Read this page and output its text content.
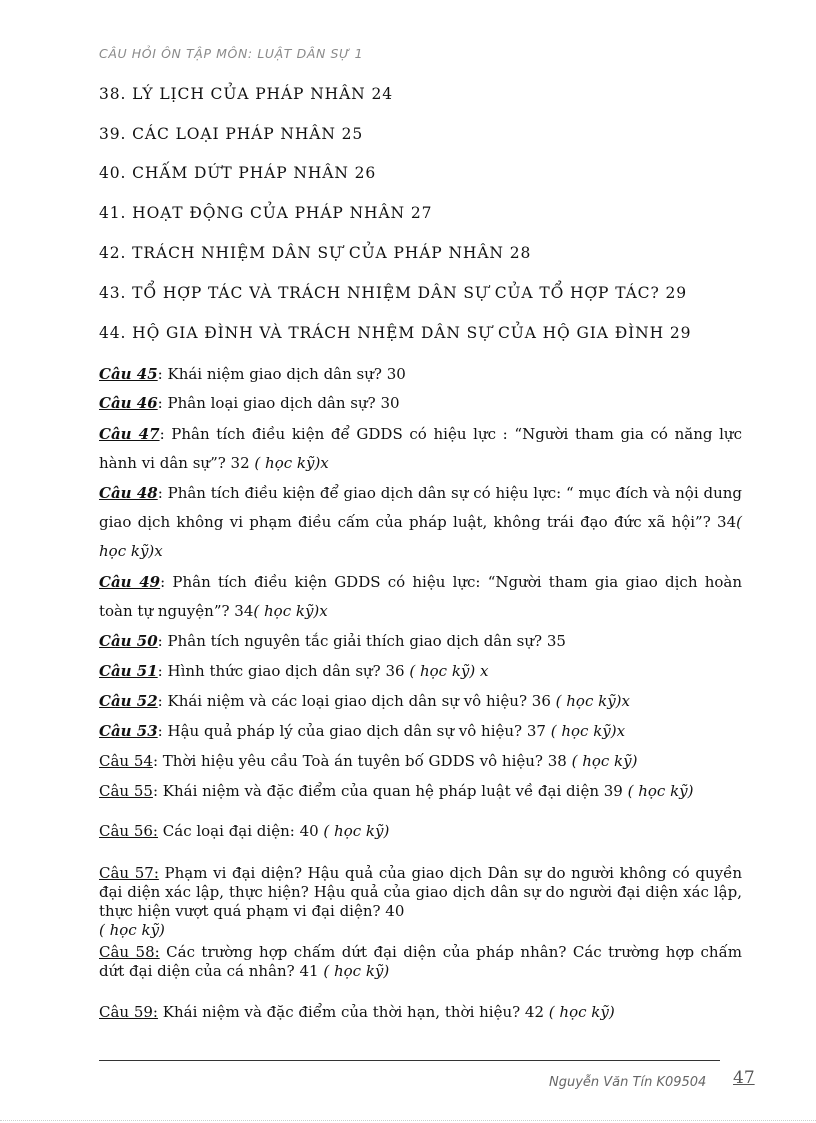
CÂU HỎI ÔN TẬP MÔN: LUẬT DÂN SỰ 1
38. LÝ LỊCH CỦA PHÁP NHÂN 24
39. CÁC LOẠI PHÁP NHÂN 25
40. CHẤM DỨT PHÁP NHÂN 26
41. HOẠT ĐỘNG CỦA PHÁP NHÂN 27
42. TRÁCH NHIỆM DÂN SỰ CỦA PHÁP NHÂN 28
43. TỔ HỢP TÁC VÀ TRÁCH NHIỆM DÂN SỰ CỦA TỔ HỢP TÁC? 29
44. HỘ GIA ĐÌNH VÀ TRÁCH NHỆM DÂN SỰ CỦA HỘ GIA ĐÌNH 29
Câu 45: Khái niệm giao dịch dân sự? 30
Câu 46: Phân loại giao dịch dân sự? 30
Câu 47: Phân tích điều kiện để GDDS có hiệu lực : “Người tham gia có năng lực hành vi dân sự”? 32 ( học kỹ)x
Câu 48: Phân tích điều kiện để giao dịch dân sự có hiệu lực: “ mục đích và nội dung giao dịch không vi phạm điều cấm của pháp luật, không trái đạo đức xã hội”? 34( học kỹ)x
Câu 49: Phân tích điều kiện GDDS có hiệu lực: “Người tham gia giao dịch hoàn toàn tự nguyện”? 34( học kỹ)x
Câu 50: Phân tích nguyên tắc giải thích giao dịch dân sự? 35
Câu 51: Hình thức giao dịch dân sự? 36 ( học kỹ) x
Câu 52: Khái niệm và các loại giao dịch dân sự vô hiệu? 36 ( học kỹ)x
Câu 53: Hậu quả pháp lý của giao dịch dân sự vô hiệu? 37 ( học kỹ)x
Câu 54: Thời hiệu yêu cầu Toà án tuyên bố GDDS vô hiệu? 38 ( học kỹ)
Câu 55: Khái niệm và đặc điểm của quan hệ pháp luật về đại diện 39 ( học kỹ)
Câu 56: Các loại đại diện: 40 ( học kỹ)
Câu 57: Phạm vi đại diện? Hậu quả của giao dịch Dân sự do người không có quyền đại diện xác lập, thực hiện? Hậu quả của giao dịch dân sự do người đại diện xác lập, thực hiện vượt quá phạm vi đại diện? 40
( học kỹ)
Câu 58: Các trường hợp chấm dứt đại diện của pháp nhân? Các trường hợp chấm dứt đại diện của cá nhân? 41 ( học kỹ)
Câu 59: Khái niệm và đặc điểm của thời hạn, thời hiệu? 42 ( học kỹ)
Nguyễn Văn Tín K09504 47
